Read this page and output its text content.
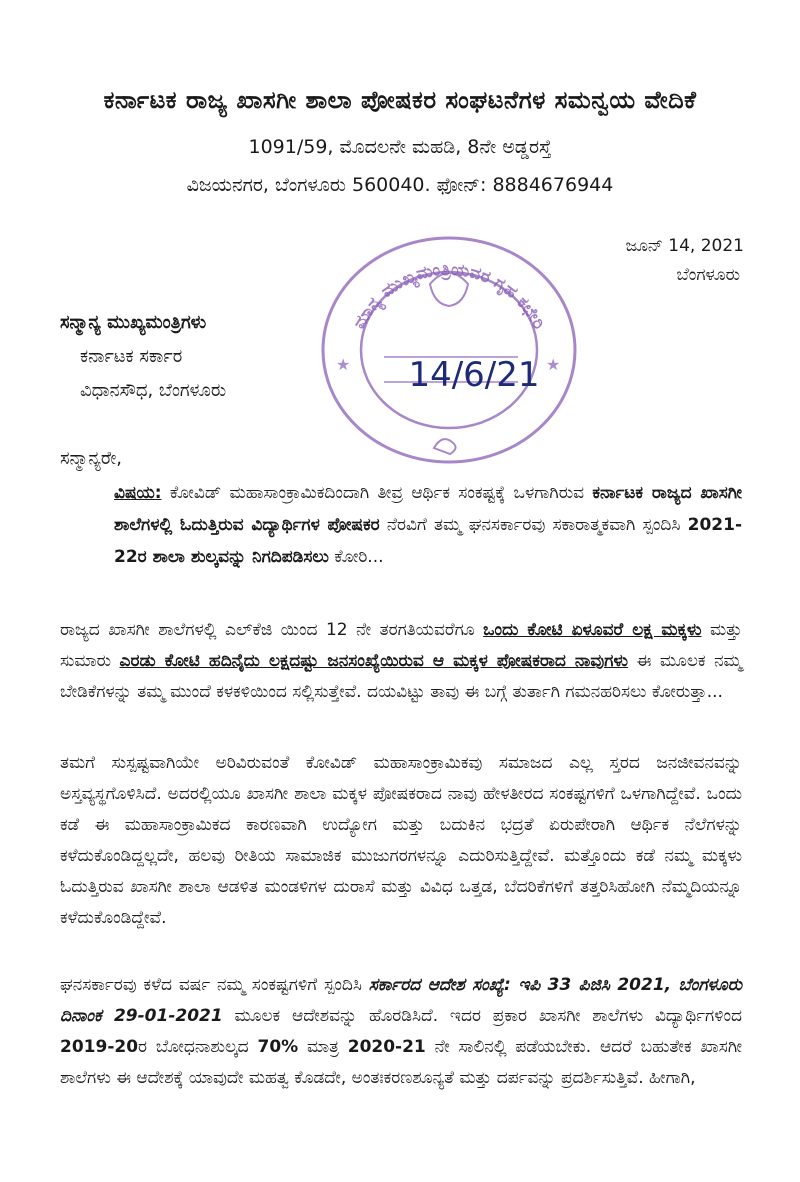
ಕರ್ನಾಟಕ ರಾಜ್ಯ ಖಾಸಗೀ ಶಾಲಾ ಪೋಷಕರ ಸಂಘಟನೆಗಳ ಸಮನ್ವಯ ವೇದಿಕೆ
1091/59, ಮೊದಲನೇ ಮಹಡಿ, 8ನೇ ಅಡ್ಡರಸ್ತೆ
ವಿಜಯನಗರ, ಬೆಂಗಳೂರು 560040. ಫೋನ್: 8884676944
ಜೂನ್ 14, 2021
ಬೆಂಗಳೂರು
ಮಾನ್ಯ ಮುಖ್ಯಮಂತ್ರಿಯವರ ಗೃಹ ಕಛೇರಿ
★	★
14/6/21
ಸನ್ಮಾನ್ಯ ಮುಖ್ಯಮಂತ್ರಿಗಳು
ಕರ್ನಾಟಕ ಸರ್ಕಾರ
ವಿಧಾನಸೌಧ, ಬೆಂಗಳೂರು
ಸನ್ಮಾನ್ಯರೇ,
ವಿಷಯ: ಕೋವಿಡ್ ಮಹಾಸಾಂಕ್ರಾಮಿಕದಿಂದಾಗಿ ತೀವ್ರ ಆರ್ಥಿಕ ಸಂಕಷ್ಟಕ್ಕೆ ಒಳಗಾಗಿರುವ ಕರ್ನಾಟಕ ರಾಜ್ಯದ ಖಾಸಗೀ ಶಾಲೆಗಳಲ್ಲಿ ಓದುತ್ತಿರುವ ವಿದ್ಯಾರ್ಥಿಗಳ ಪೋಷಕರ ನೆರವಿಗೆ ತಮ್ಮ ಘನಸರ್ಕಾರವು ಸಕಾರಾತ್ಮಕವಾಗಿ ಸ್ಪಂದಿಸಿ 2021-22ರ ಶಾಲಾ ಶುಲ್ಕವನ್ನು ನಿಗದಿಪಡಿಸಲು ಕೋರಿ...
ರಾಜ್ಯದ ಖಾಸಗೀ ಶಾಲೆಗಳಲ್ಲಿ ಎಲ್‌ಕೆಜಿ ಯಿಂದ 12 ನೇ ತರಗತಿಯವರೆಗೂ ಒಂದು ಕೋಟಿ ಏಳೂವರೆ ಲಕ್ಷ ಮಕ್ಕಳು ಮತ್ತು ಸುಮಾರು ಎರಡು ಕೋಟಿ ಹದಿನೈದು ಲಕ್ಷದಷ್ಟು ಜನಸಂಖ್ಯೆಯಿರುವ ಆ ಮಕ್ಕಳ ಪೋಷಕರಾದ ನಾವುಗಳು ಈ ಮೂಲಕ ನಮ್ಮ ಬೇಡಿಕೆಗಳನ್ನು ತಮ್ಮ ಮುಂದೆ ಕಳಕಳಿಯಿಂದ ಸಲ್ಲಿಸುತ್ತೇವೆ. ದಯವಿಟ್ಟು ತಾವು ಈ ಬಗ್ಗೆ ತುರ್ತಾಗಿ ಗಮನಹರಿಸಲು ಕೋರುತ್ತಾ...
ತಮಗೆ ಸುಸ್ಪಷ್ಟವಾಗಿಯೇ ಅರಿವಿರುವಂತೆ ಕೋವಿಡ್ ಮಹಾಸಾಂಕ್ರಾಮಿಕವು ಸಮಾಜದ ಎಲ್ಲ ಸ್ತರದ ಜನಜೀವನವನ್ನು ಅಸ್ತವ್ಯಸ್ಥಗೊಳಿಸಿದೆ. ಅದರಲ್ಲಿಯೂ ಖಾಸಗೀ ಶಾಲಾ ಮಕ್ಕಳ ಪೋಷಕರಾದ ನಾವು ಹೇಳತೀರದ ಸಂಕಷ್ಟಗಳಿಗೆ ಒಳಗಾಗಿದ್ದೇವೆ. ಒಂದು ಕಡೆ ಈ ಮಹಾಸಾಂಕ್ರಾಮಿಕದ ಕಾರಣವಾಗಿ ಉದ್ಯೋಗ ಮತ್ತು ಬದುಕಿನ ಭದ್ರತೆ ಏರುಪೇರಾಗಿ ಆರ್ಥಿಕ ನೆಲೆಗಳನ್ನು ಕಳೆದುಕೊಂಡಿದ್ದಲ್ಲದೇ, ಹಲವು ರೀತಿಯ ಸಾಮಾಜಿಕ ಮುಜುಗರಗಳನ್ನೂ ಎದುರಿಸುತ್ತಿದ್ದೇವೆ. ಮತ್ತೊಂದು ಕಡೆ ನಮ್ಮ ಮಕ್ಕಳು ಓದುತ್ತಿರುವ ಖಾಸಗೀ ಶಾಲಾ ಆಡಳಿತ ಮಂಡಳಿಗಳ ದುರಾಸೆ ಮತ್ತು ವಿವಿಧ ಒತ್ತಡ, ಬೆದರಿಕೆಗಳಿಗೆ ತತ್ತರಿಸಿಹೋಗಿ ನೆಮ್ಮದಿಯನ್ನೂ ಕಳೆದುಕೊಂಡಿದ್ದೇವೆ.
ಘನಸರ್ಕಾರವು ಕಳೆದ ವರ್ಷ ನಮ್ಮ ಸಂಕಷ್ಟಗಳಿಗೆ ಸ್ಪಂದಿಸಿ ಸರ್ಕಾರದ ಆದೇಶ ಸಂಖ್ಯೆ: ಇಪಿ 33 ಪಿಜಿಸಿ 2021, ಬೆಂಗಳೂರು ದಿನಾಂಕ 29-01-2021 ಮೂಲಕ ಆದೇಶವನ್ನು ಹೊರಡಿಸಿದೆ. ಇದರ ಪ್ರಕಾರ ಖಾಸಗೀ ಶಾಲೆಗಳು ವಿದ್ಯಾರ್ಥಿಗಳಿಂದ 2019-20ರ ಬೋಧನಾಶುಲ್ಕದ 70% ಮಾತ್ರ 2020-21 ನೇ ಸಾಲಿನಲ್ಲಿ ಪಡೆಯಬೇಕು. ಆದರೆ ಬಹುತೇಕ ಖಾಸಗೀ ಶಾಲೆಗಳು ಈ ಆದೇಶಕ್ಕೆ ಯಾವುದೇ ಮಹತ್ವ ಕೊಡದೇ, ಅಂತಃಕರಣಶೂನ್ಯತೆ ಮತ್ತು ದರ್ಪವನ್ನು ಪ್ರದರ್ಶಿಸುತ್ತಿವೆ. ಹೀಗಾಗಿ,
